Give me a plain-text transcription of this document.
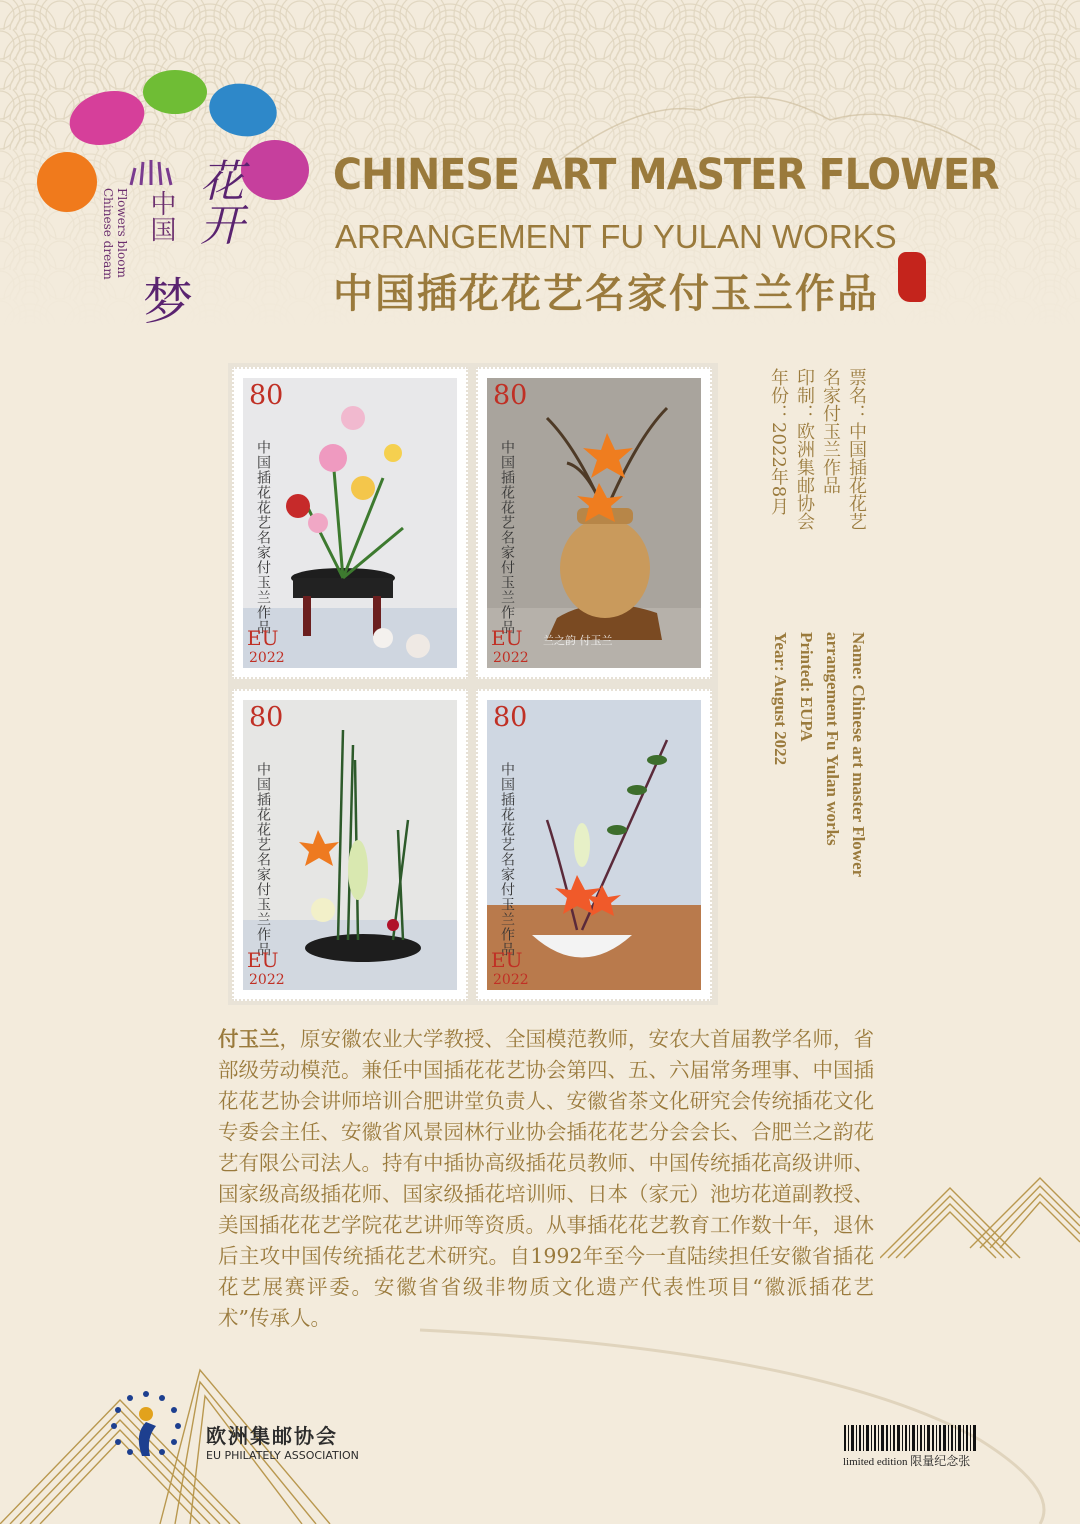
中国
梦
花开
Flowers bloom
Chinese dream
CHINESE ART MASTER FLOWER
ARRANGEMENT FU YULAN WORKS
中国插花花艺名家付玉兰作品
80
中国插花花艺名家付玉兰作品
EU
2022
80
中国插花花艺名家付玉兰作品
兰之韵 付玉兰
EU
2022
80
中国插花花艺名家付玉兰作品
EU
2022
80
中国插花花艺名家付玉兰作品
EU
2022
票名：中国插花花艺
名家付玉兰作品
印制：欧洲集邮协会
年份：2022年8月
Name: Chinese art master Flower
arrangement Fu Yulan works
Printed: EUPA
Year: August 2022
付玉兰，原安徽农业大学教授、全国模范教师，安农大首届教学名师，省部级劳动模范。兼任中国插花花艺协会第四、五、六届常务理事、中国插花花艺协会讲师培训合肥讲堂负责人、安徽省茶文化研究会传统插花文化专委会主任、安徽省风景园林行业协会插花花艺分会会长、合肥兰之韵花艺有限公司法人。持有中插协高级插花员教师、中国传统插花高级讲师、国家级高级插花师、国家级插花培训师、日本（家元）池坊花道副教授、美国插花花艺学院花艺讲师等资质。从事插花花艺教育工作数十年，退休后主攻中国传统插花艺术研究。自1992年至今一直陆续担任安徽省插花花艺展赛评委。安徽省省级非物质文化遗产代表性项目“徽派插花艺术”传承人。
欧洲集邮协会
EU PHILATELY ASSOCIATION	limited edition 限量纪念张
